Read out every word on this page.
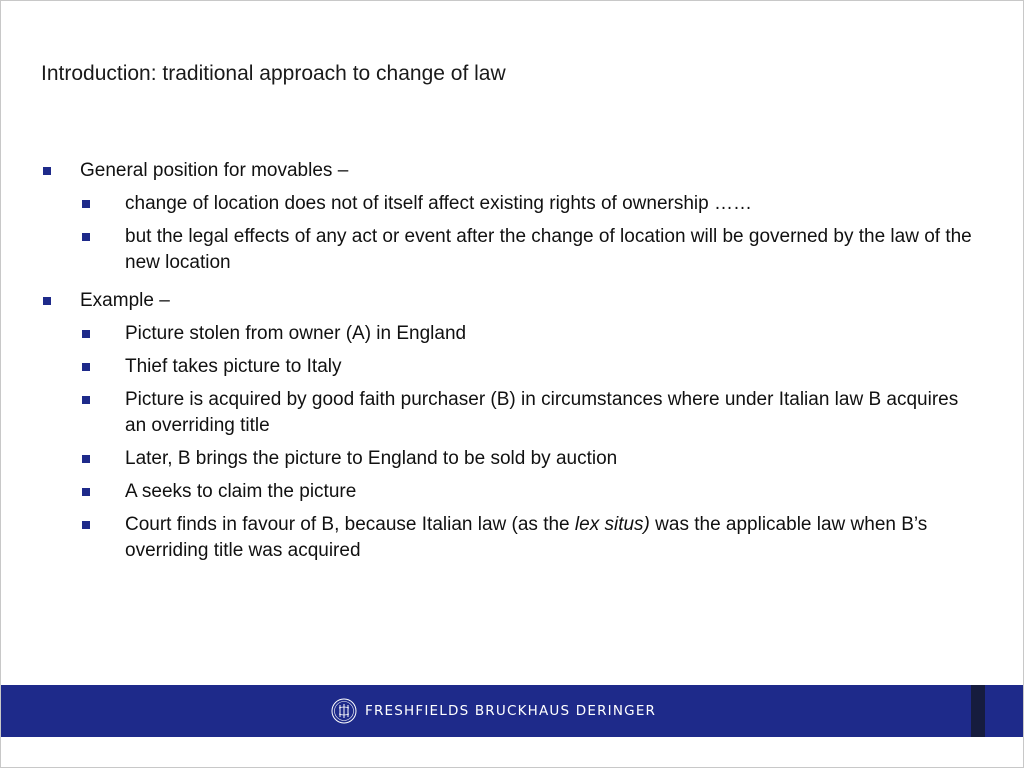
Introduction: traditional approach to change of law
General position for movables –
change of location does not of itself affect existing rights of ownership ……
but the legal effects of any act or event after the change of location will be governed by the law of the new location
Example –
Picture stolen from owner (A) in England
Thief takes picture to Italy
Picture is acquired by good faith purchaser (B) in circumstances where under Italian law B acquires an overriding title
Later, B brings the picture to England to be sold by auction
A seeks to claim the picture
Court finds in favour of B, because Italian law (as the lex situs) was the applicable law when B’s overriding title was acquired
FRESHFIELDS BRUCKHAUS DERINGER
